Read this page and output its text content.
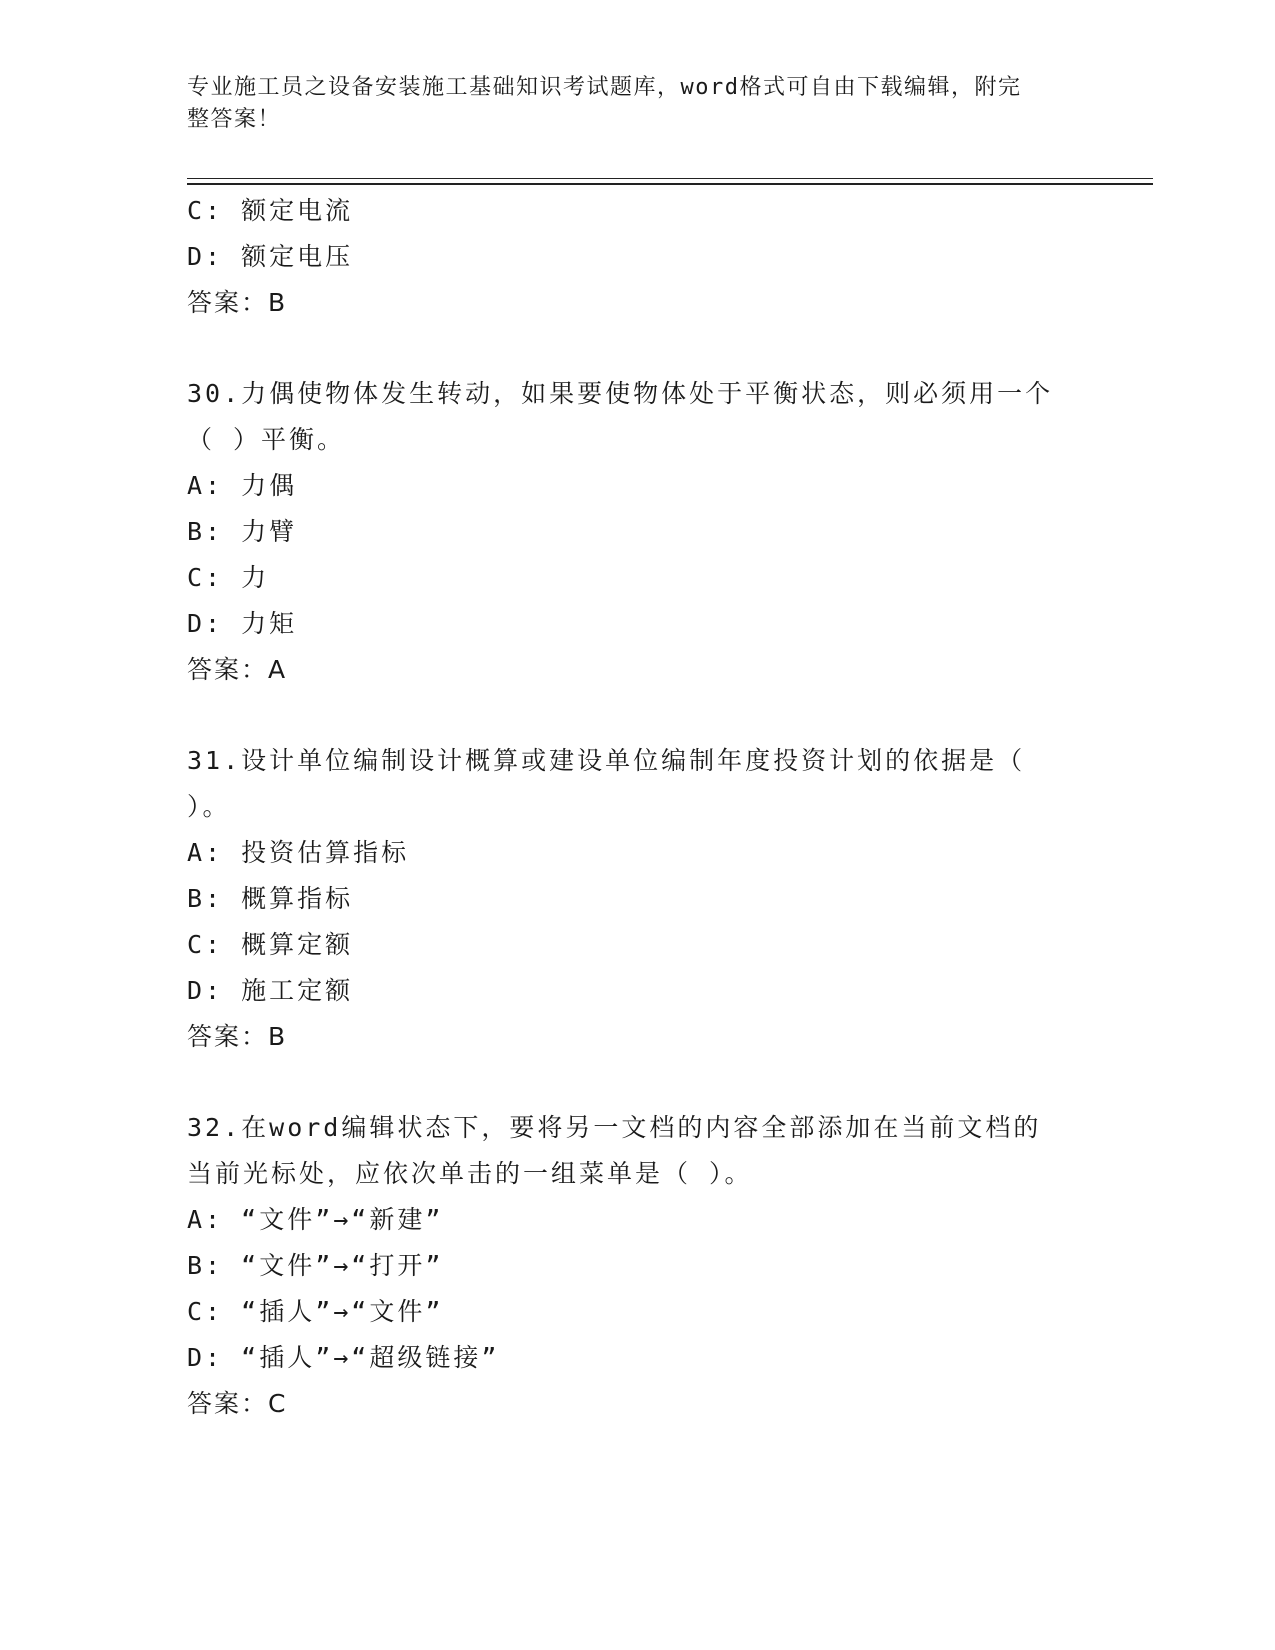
专业施工员之设备安装施工基础知识考试题库，word格式可自由下载编辑，附完
整答案！
C: 额定电流
D: 额定电压
答案：B
30.力偶使物体发生转动，如果要使物体处于平衡状态，则必须用一个
（ ）平衡。
A: 力偶
B: 力臂
C: 力
D: 力矩
答案：A
31.设计单位编制设计概算或建设单位编制年度投资计划的依据是（
）。
A: 投资估算指标
B: 概算指标
C: 概算定额
D: 施工定额
答案：B
32.在word编辑状态下，要将另一文档的内容全部添加在当前文档的
当前光标处，应依次单击的一组菜单是（ ）。
A: “文件”→“新建”
B: “文件”→“打开”
C: “插人”→“文件”
D: “插人”→“超级链接”
答案：C
